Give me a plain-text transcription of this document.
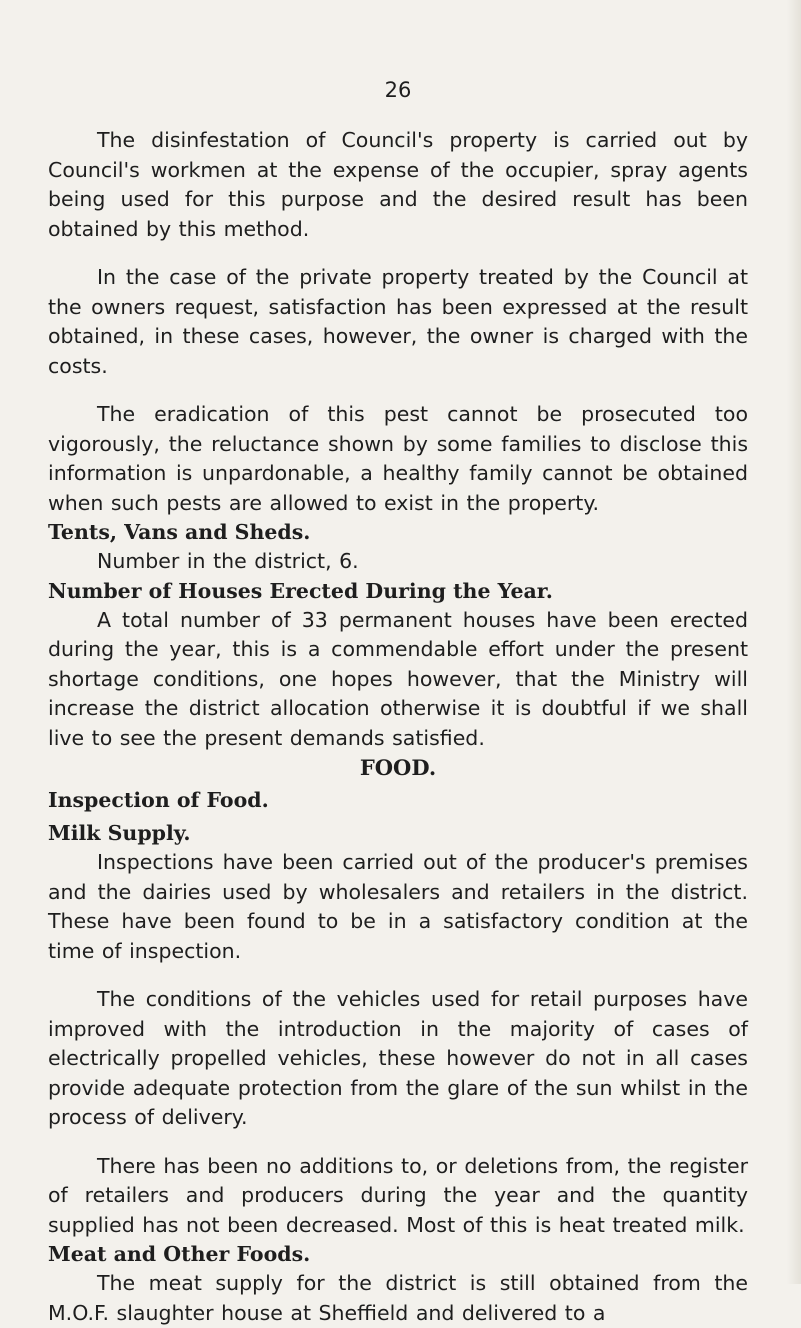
26

The disinfestation of Council's property is carried out by Council's workmen at the expense of the occupier, spray agents being used for this purpose and the desired result has been obtained by this method.

In the case of the private property treated by the Council at the owners request, satisfaction has been expressed at the result obtained, in these cases, however, the owner is charged with the costs.

The eradication of this pest cannot be prosecuted too vigorously, the reluctance shown by some families to disclose this information is unpardonable, a healthy family cannot be obtained when such pests are allowed to exist in the property.

Tents, Vans and Sheds.

Number in the district, 6.

Number of Houses Erected During the Year.

A total number of 33 permanent houses have been erected during the year, this is a commendable effort under the present shortage conditions, one hopes however, that the Ministry will increase the district allocation otherwise it is doubtful if we shall live to see the present demands satisfied.

FOOD.
Inspection of Food.
Milk Supply.

Inspections have been carried out of the producer's premises and the dairies used by wholesalers and retailers in the district. These have been found to be in a satisfactory condition at the time of inspection.

The conditions of the vehicles used for retail purposes have improved with the introduction in the majority of cases of electrically propelled vehicles, these however do not in all cases provide adequate protection from the glare of the sun whilst in the process of delivery.

There has been no additions to, or deletions from, the register of retailers and producers during the year and the quantity supplied has not been decreased. Most of this is heat treated milk.

Meat and Other Foods.

The meat supply for the district is still obtained from the M.O.F. slaughter house at Sheffield and delivered to a
